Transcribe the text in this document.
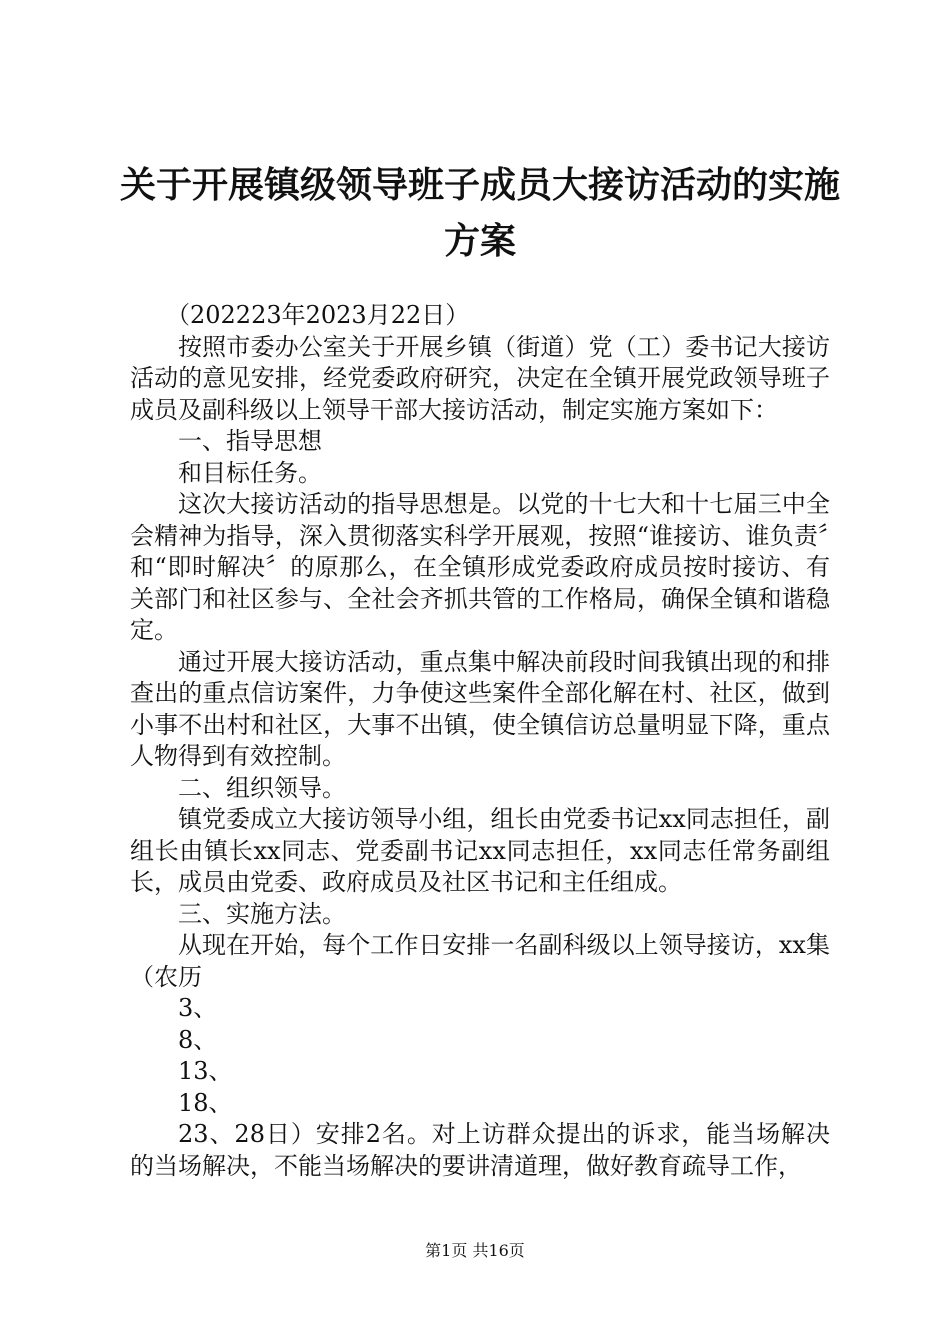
关于开展镇级领导班子成员大接访活动的实施
方案

（202223年2023月22日）

按照市委办公室关于开展乡镇（街道）党（工）委书记大接访活动的意见安排，经党委政府研究，决定在全镇开展党政领导班子成员及副科级以上领导干部大接访活动，制定实施方案如下：

一、指导思想

和目标任务。

这次大接访活动的指导思想是。以党的十七大和十七届三中全会精神为指导，深入贯彻落实科学开展观，按照“谁接访、谁负责〞和“即时解决〞的原那么，在全镇形成党委政府成员按时接访、有关部门和社区参与、全社会齐抓共管的工作格局，确保全镇和谐稳定。

通过开展大接访活动，重点集中解决前段时间我镇出现的和排查出的重点信访案件，力争使这些案件全部化解在村、社区，做到小事不出村和社区，大事不出镇，使全镇信访总量明显下降，重点人物得到有效控制。

二、组织领导。

镇党委成立大接访领导小组，组长由党委书记xx同志担任，副组长由镇长xx同志、党委副书记xx同志担任，xx同志任常务副组长，成员由党委、政府成员及社区书记和主任组成。

三、实施方法。

从现在开始，每个工作日安排一名副科级以上领导接访，xx集（农历

3、

8、

13、

18、

23、28日）安排2名。对上访群众提出的诉求，能当场解决的当场解决，不能当场解决的要讲清道理，做好教育疏导工作，

第1页 共16页
